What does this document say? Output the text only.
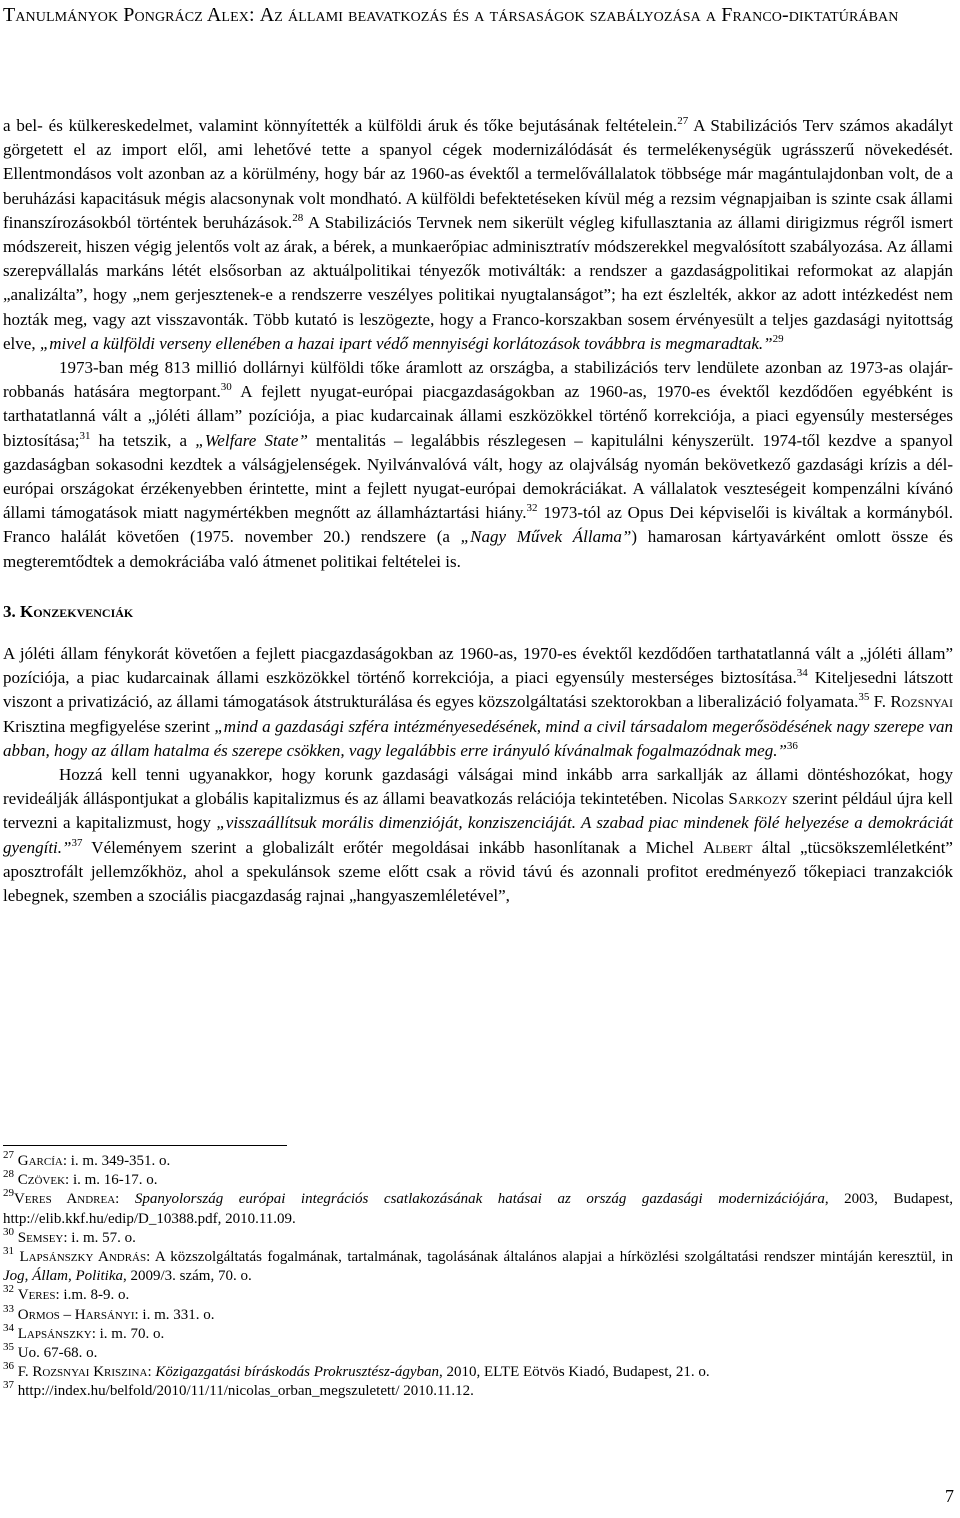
Tanulmányok Pongrácz Alex: Az állami beavatkozás és a társaságok szabályozása a Franco-diktatúrában

a bel- és külkereskedelmet, valamint könnyítették a külföldi áruk és tőke bejutásának feltételein.$^{27}$ A Stabilizációs Terv számos akadályt görgetett el az import elől, ami lehetővé tette a spanyol cégek modernizálódását és termelékenységük ugrásszerű növekedését. Ellentmondásos volt azonban az a körülmény, hogy bár az 1960-as évektől a termelővállalatok többsége már magántulajdonban volt, de a beruházási kapacitásuk mégis alacsonynak volt mondható. A külföldi befektetéseken kívül még a rezsim végnapjaiban is szinte csak állami finanszírozásokból történtek beruházások.$^{28}$ A Stabilizációs Tervnek nem sikerült végleg kifullasztania az állami dirigizmus régről ismert módszereit, hiszen végig jelentős volt az árak, a bérek, a munkaerőpiac adminisztratív módszerekkel megvalósított szabályozása. Az állami szerepvállalás markáns létét elsősorban az aktuálpolitikai tényezők motiválták: a rendszer a gazdaságpolitikai reformokat az alapján „analizálta”, hogy „nem gerjesztenek-e a rendszerre veszélyes politikai nyugtalanságot”; ha ezt észlelték, akkor az adott intézkedést nem hozták meg, vagy azt visszavonták. Több kutató is leszögezte, hogy a Franco-korszakban sosem érvényesült a teljes gazdasági nyitottság elve, „mivel a külföldi verseny ellenében a hazai ipart védő mennyiségi korlátozások továbbra is megmaradtak.”$^{29}$

1973-ban még 813 millió dollárnyi külföldi tőke áramlott az országba, a stabilizációs terv lendülete azonban az 1973-as olajár-robbanás hatására megtorpant.$^{30}$ A fejlett nyugat-európai piacgazdaságokban az 1960-as, 1970-es évektől kezdődően egyébként is tarthatatlanná vált a „jóléti állam” pozíciója, a piac kudarcainak állami eszközökkel történő korrekciója, a piaci egyensúly mesterséges biztosítása;$^{31}$ ha tetszik, a „Welfare State” mentalitás – legalábbis részlegesen – kapitulálni kényszerült. 1974-től kezdve a spanyol gazdaságban sokasodni kezdtek a válságjelenségek. Nyilvánvalóvá vált, hogy az olajválság nyomán bekövetkező gazdasági krízis a dél-európai országokat érzékenyebben érintette, mint a fejlett nyugat-európai demokráciákat. A vállalatok veszteségeit kompenzálni kívánó állami támogatások miatt nagymértékben megnőtt az államháztartási hiány.$^{32}$ 1973-tól az Opus Dei képviselői is kiváltak a kormányból. Franco halálát követően (1975. november 20.) rendszere (a „Nagy Művek Állama”) hamarosan kártyavárként omlott össze és megteremtődtek a demokráciába való átmenet politikai feltételei is.

3. Konzekvenciák

A jóléti állam fénykorát követően a fejlett piacgazdaságokban az 1960-as, 1970-es évektől kezdődően tarthatatlanná vált a „jóléti állam” pozíciója, a piac kudarcainak állami eszközökkel történő korrekciója, a piaci egyensúly mesterséges biztosítása.$^{34}$ Kiteljesedni látszott viszont a privatizáció, az állami támogatások átstrukturálása és egyes közszolgáltatási szektorokban a liberalizáció folyamata.$^{35}$ F. Rozsnyai Krisztina megfigyelése szerint „mind a gazdasági szféra intézményesedésének, mind a civil társadalom megerősödésének nagy szerepe van abban, hogy az állam hatalma és szerepe csökken, vagy legalábbis erre irányuló kívánalmak fogalmazódnak meg.”$^{36}$

Hozzá kell tenni ugyanakkor, hogy korunk gazdasági válságai mind inkább arra sarkallják az állami döntéshozókat, hogy revideálják álláspontjukat a globális kapitalizmus és az állami beavatkozás relációja tekintetében. Nicolas Sarkozy szerint például újra kell tervezni a kapitalizmust, hogy „visszaállítsuk morális dimenzióját, konziszenciáját. A szabad piac mindenek fölé helyezése a demokráciát gyengíti.”$^{37}$ Véleményem szerint a globalizált erőtér megoldásai inkább hasonlítanak a Michel Albert által „tücsökszemléletként” aposztrofált jellemzőkhöz, ahol a spekulánsok szeme előtt csak a rövid távú és azonnali profitot eredményező tőkepiaci tranzakciók lebegnek, szemben a szociális piacgazdaság rajnai „hangyaszemléletével”,

$^{27}$ García: i. m. 349-351. o.

$^{28}$ Czövek: i. m. 16-17. o.

$^{29}$Veres Andrea: Spanyolország európai integrációs csatlakozásának hatásai az ország gazdasági modernizációjára, 2003, Budapest, http://elib.kkf.hu/edip/D_10388.pdf, 2010.11.09.

$^{30}$ Semsey: i. m. 57. o.

$^{31}$ Lapsánszky András: A közszolgáltatás fogalmának, tartalmának, tagolásának általános alapjai a hírközlési szolgáltatási rendszer mintáján keresztül, in Jog, Állam, Politika, 2009/3. szám, 70. o.

$^{32}$ Veres: i.m. 8-9. o.

$^{33}$ Ormos – Harsányi: i. m. 331. o.

$^{34}$ Lapsánszky: i. m. 70. o.

$^{35}$ Uo. 67-68. o.

$^{36}$ F. Rozsnyai Kriszina: Közigazgatási bíráskodás Prokrusztész-ágyban, 2010, ELTE Eötvös Kiadó, Budapest, 21. o.

$^{37}$ http://index.hu/belfold/2010/11/11/nicolas_orban_megszuletett/ 2010.11.12.

7
